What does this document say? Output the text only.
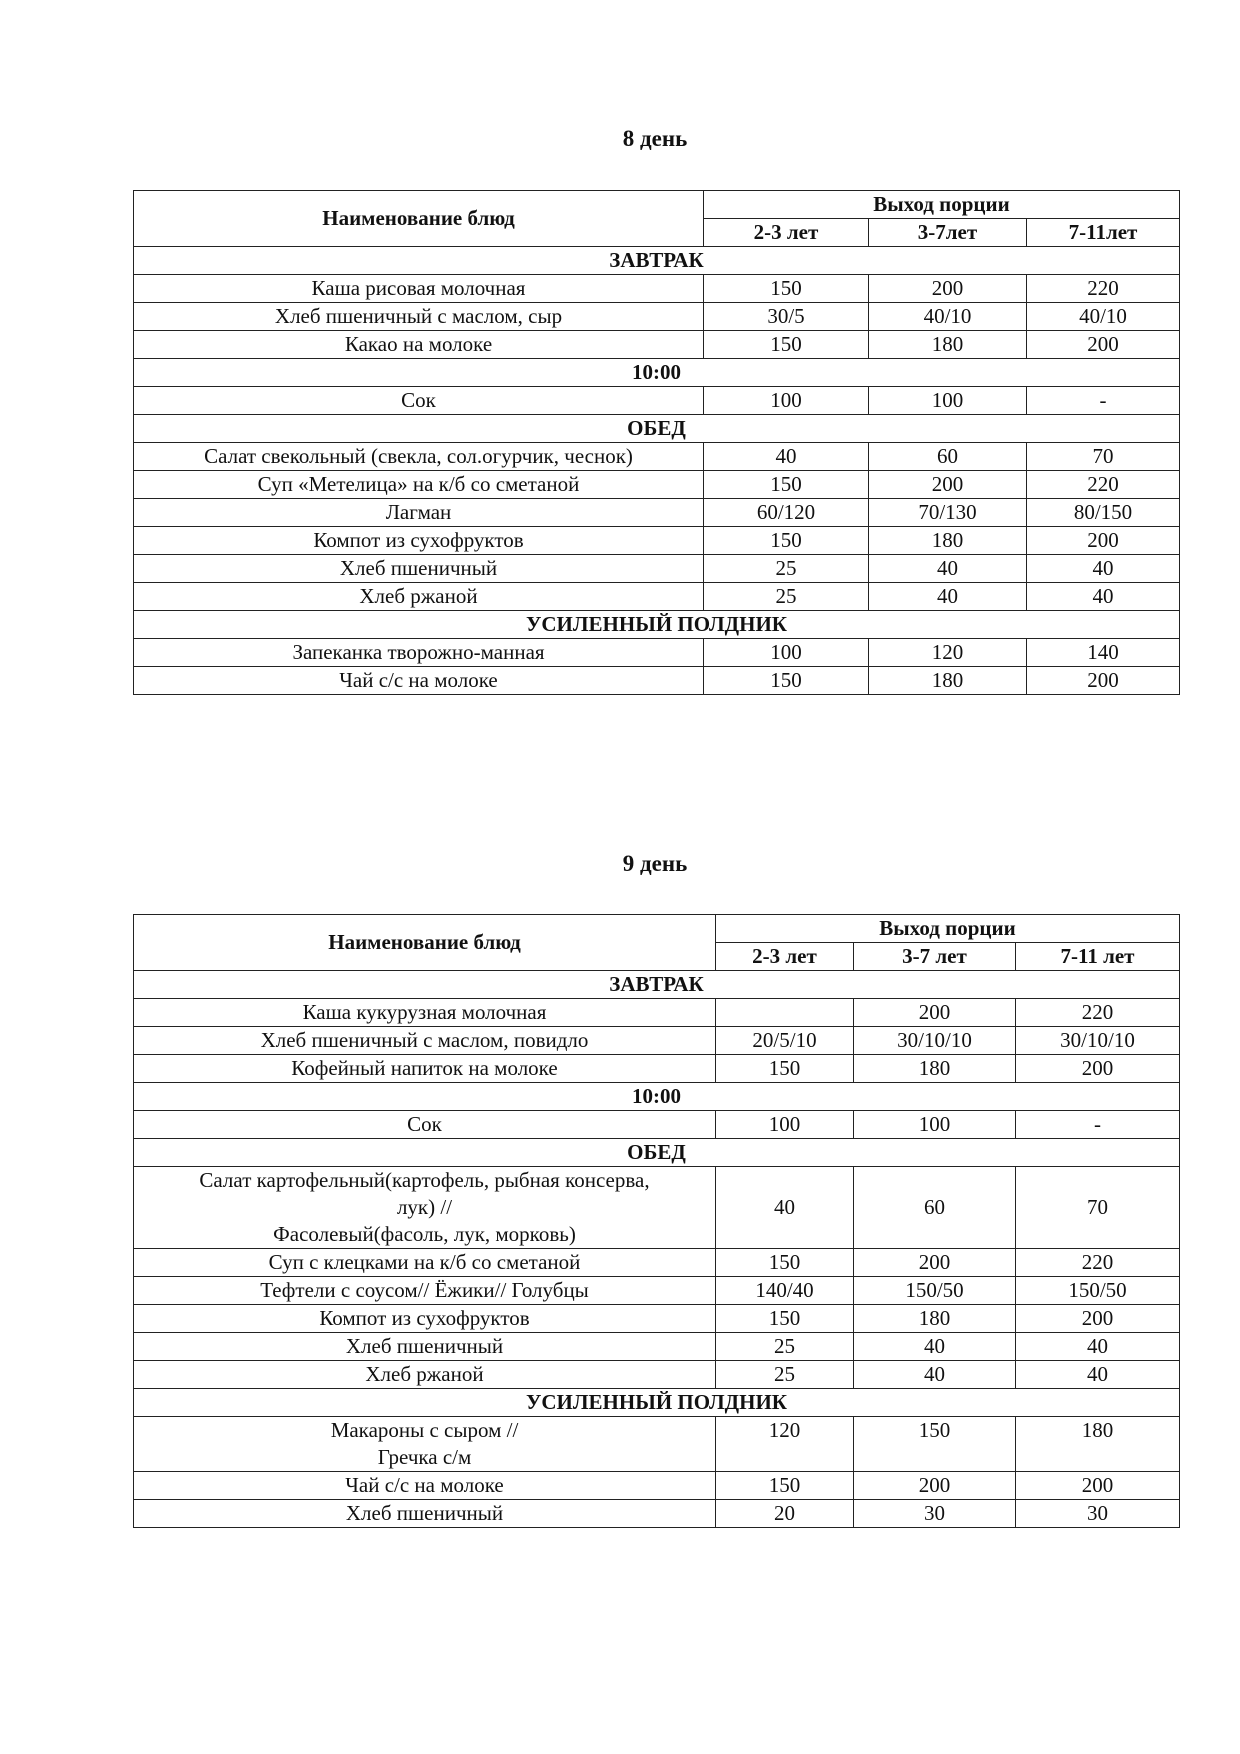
8 день
Наименование блюд	Выход порции		
	2-3 лет	3-7лет	7-11лет
ЗАВТРАК			

Каша рисовая молочная	150	200	220

Хлеб пшеничный с маслом, сыр	30/5	40/10	40/10

Какао на молоке	150	180	200
10:00			

Сок	100	100	-
ОБЕД			

Салат свекольный (свекла, сол.огурчик, чеснок)	40	60	70

Суп «Метелица» на к/б со сметаной	150	200	220

Лагман	60/120	70/130	80/150

Компот из сухофруктов	150	180	200

Хлеб пшеничный	25	40	40

Хлеб ржаной	25	40	40
УСИЛЕННЫЙ ПОЛДНИК			

Запеканка творожно-манная	100	120	140

Чай с/с на молоке	150	180	200
9 день
Наименование блюд	Выход порции		
	2-3 лет	3-7 лет	7-11 лет
ЗАВТРАК			

Каша кукурузная молочная		200	220

Хлеб пшеничный с маслом, повидло	20/5/10	30/10/10	30/10/10

Кофейный напиток на молоке	150	180	200
10:00			

Сок	100	100	-
ОБЕД			

Салат картофельный(картофель, рыбная консерва,
лук) //
Фасолевый(фасоль, лук, морковь)	40	60	70

Суп с клецками на к/б со сметаной	150	200	220

Тефтели с соусом// Ёжики// Голубцы	140/40	150/50	150/50

Компот из сухофруктов	150	180	200

Хлеб пшеничный	25	40	40

Хлеб ржаной	25	40	40
УСИЛЕННЫЙ ПОЛДНИК			

Макароны с сыром //
Гречка с/м	120	150	180

Чай с/с на молоке	150	200	200

Хлеб пшеничный	20	30	30
